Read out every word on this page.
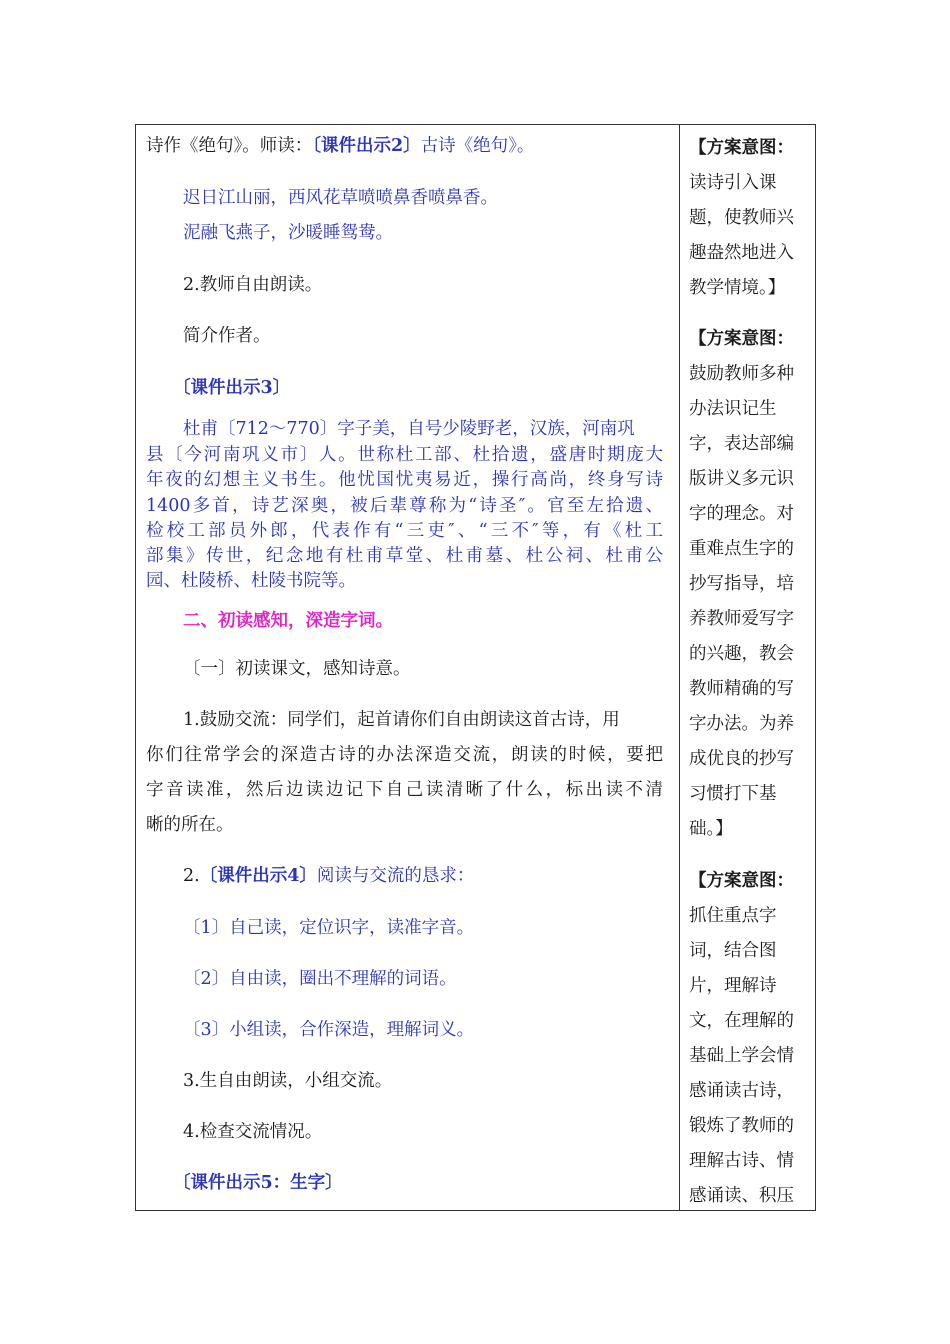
诗作《绝句》。师读：〔课件出示2〕古诗《绝句》。
迟日江山丽，西风花草喷喷鼻香喷鼻香。
泥融飞燕子，沙暖睡鸳鸯。
2.教师自由朗读。
简介作者。
〔课件出示3〕
杜甫〔712～770〕字子美，自号少陵野老，汉族，河南巩
县〔今河南巩义市〕人。世称杜工部、杜拾遗，盛唐时期庞大
年夜的幻想主义书生。他忧国忧夷易近，操行高尚，终身写诗
1400多首，诗艺深奥，被后辈尊称为“诗圣″。官至左拾遗、
检校工部员外郎，代表作有“三吏″、“三不″等，有《杜工
部集》传世，纪念地有杜甫草堂、杜甫墓、杜公祠、杜甫公
园、杜陵桥、杜陵书院等。
二、初读感知，深造字词。
〔一〕初读课文，感知诗意。
1.鼓励交流：同学们，起首请你们自由朗读这首古诗，用
你们往常学会的深造古诗的办法深造交流，朗读的时候，要把
字音读准，然后边读边记下自己读清晰了什么，标出读不清
晰的所在。
2.〔课件出示4〕阅读与交流的恳求：
〔1〕自己读，定位识字，读准字音。
〔2〕自由读，圈出不理解的词语。
〔3〕小组读，合作深造，理解词义。
3.生自由朗读，小组交流。
4.检查交流情况。
〔课件出示5：生字〕
【方案意图：
读诗引入课
题，使教师兴
趣盎然地进入
教学情境。】
【方案意图：
鼓励教师多种
办法识记生
字，表达部编
版讲义多元识
字的理念。对
重难点生字的
抄写指导，培
养教师爱写字
的兴趣，教会
教师精确的写
字办法。为养
成优良的抄写
习惯打下基
础。】
【方案意图：
抓住重点字
词，结合图
片，理解诗
文，在理解的
基础上学会情
感诵读古诗，
锻炼了教师的
理解古诗、情
感诵读、积压
